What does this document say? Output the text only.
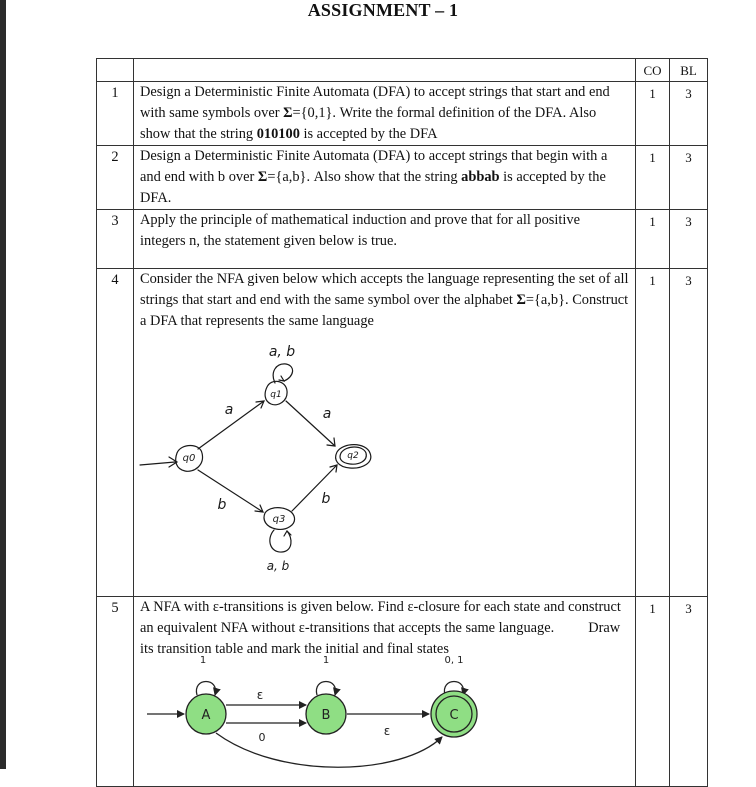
ASSIGNMENT – 1
		CO	BL
1	Design a Deterministic Finite Automata (DFA) to accept strings that start and end with same symbols over Σ={0,1}. Write the formal definition of the DFA. Also show that the string 010100 is accepted by the DFA	1	3
2	Design a Deterministic Finite Automata (DFA) to accept strings that begin with a and end with b over Σ={a,b}. Also show that the string abbab is accepted by the DFA.	1	3
3	Apply the principle of mathematical induction and prove that for all positive integers n, the statement given below is true.	1	3
4	Consider the NFA given below which accepts the language representing the set of all strings that start and end with the same symbol over the alphabet Σ={a,b}. Construct a DFA that represents the same language	1	3
5	A NFA with ε-transitions is given below. Find ε-closure for each state and construct an equivalent NFA without ε-transitions that accepts the same language. Draw its transition table and mark the initial and final states	1	3
a, b
a	a
b	b
a, b
q0
q1
q2
q3
A	B	C
1	1	0, 1
ε
0	ε
